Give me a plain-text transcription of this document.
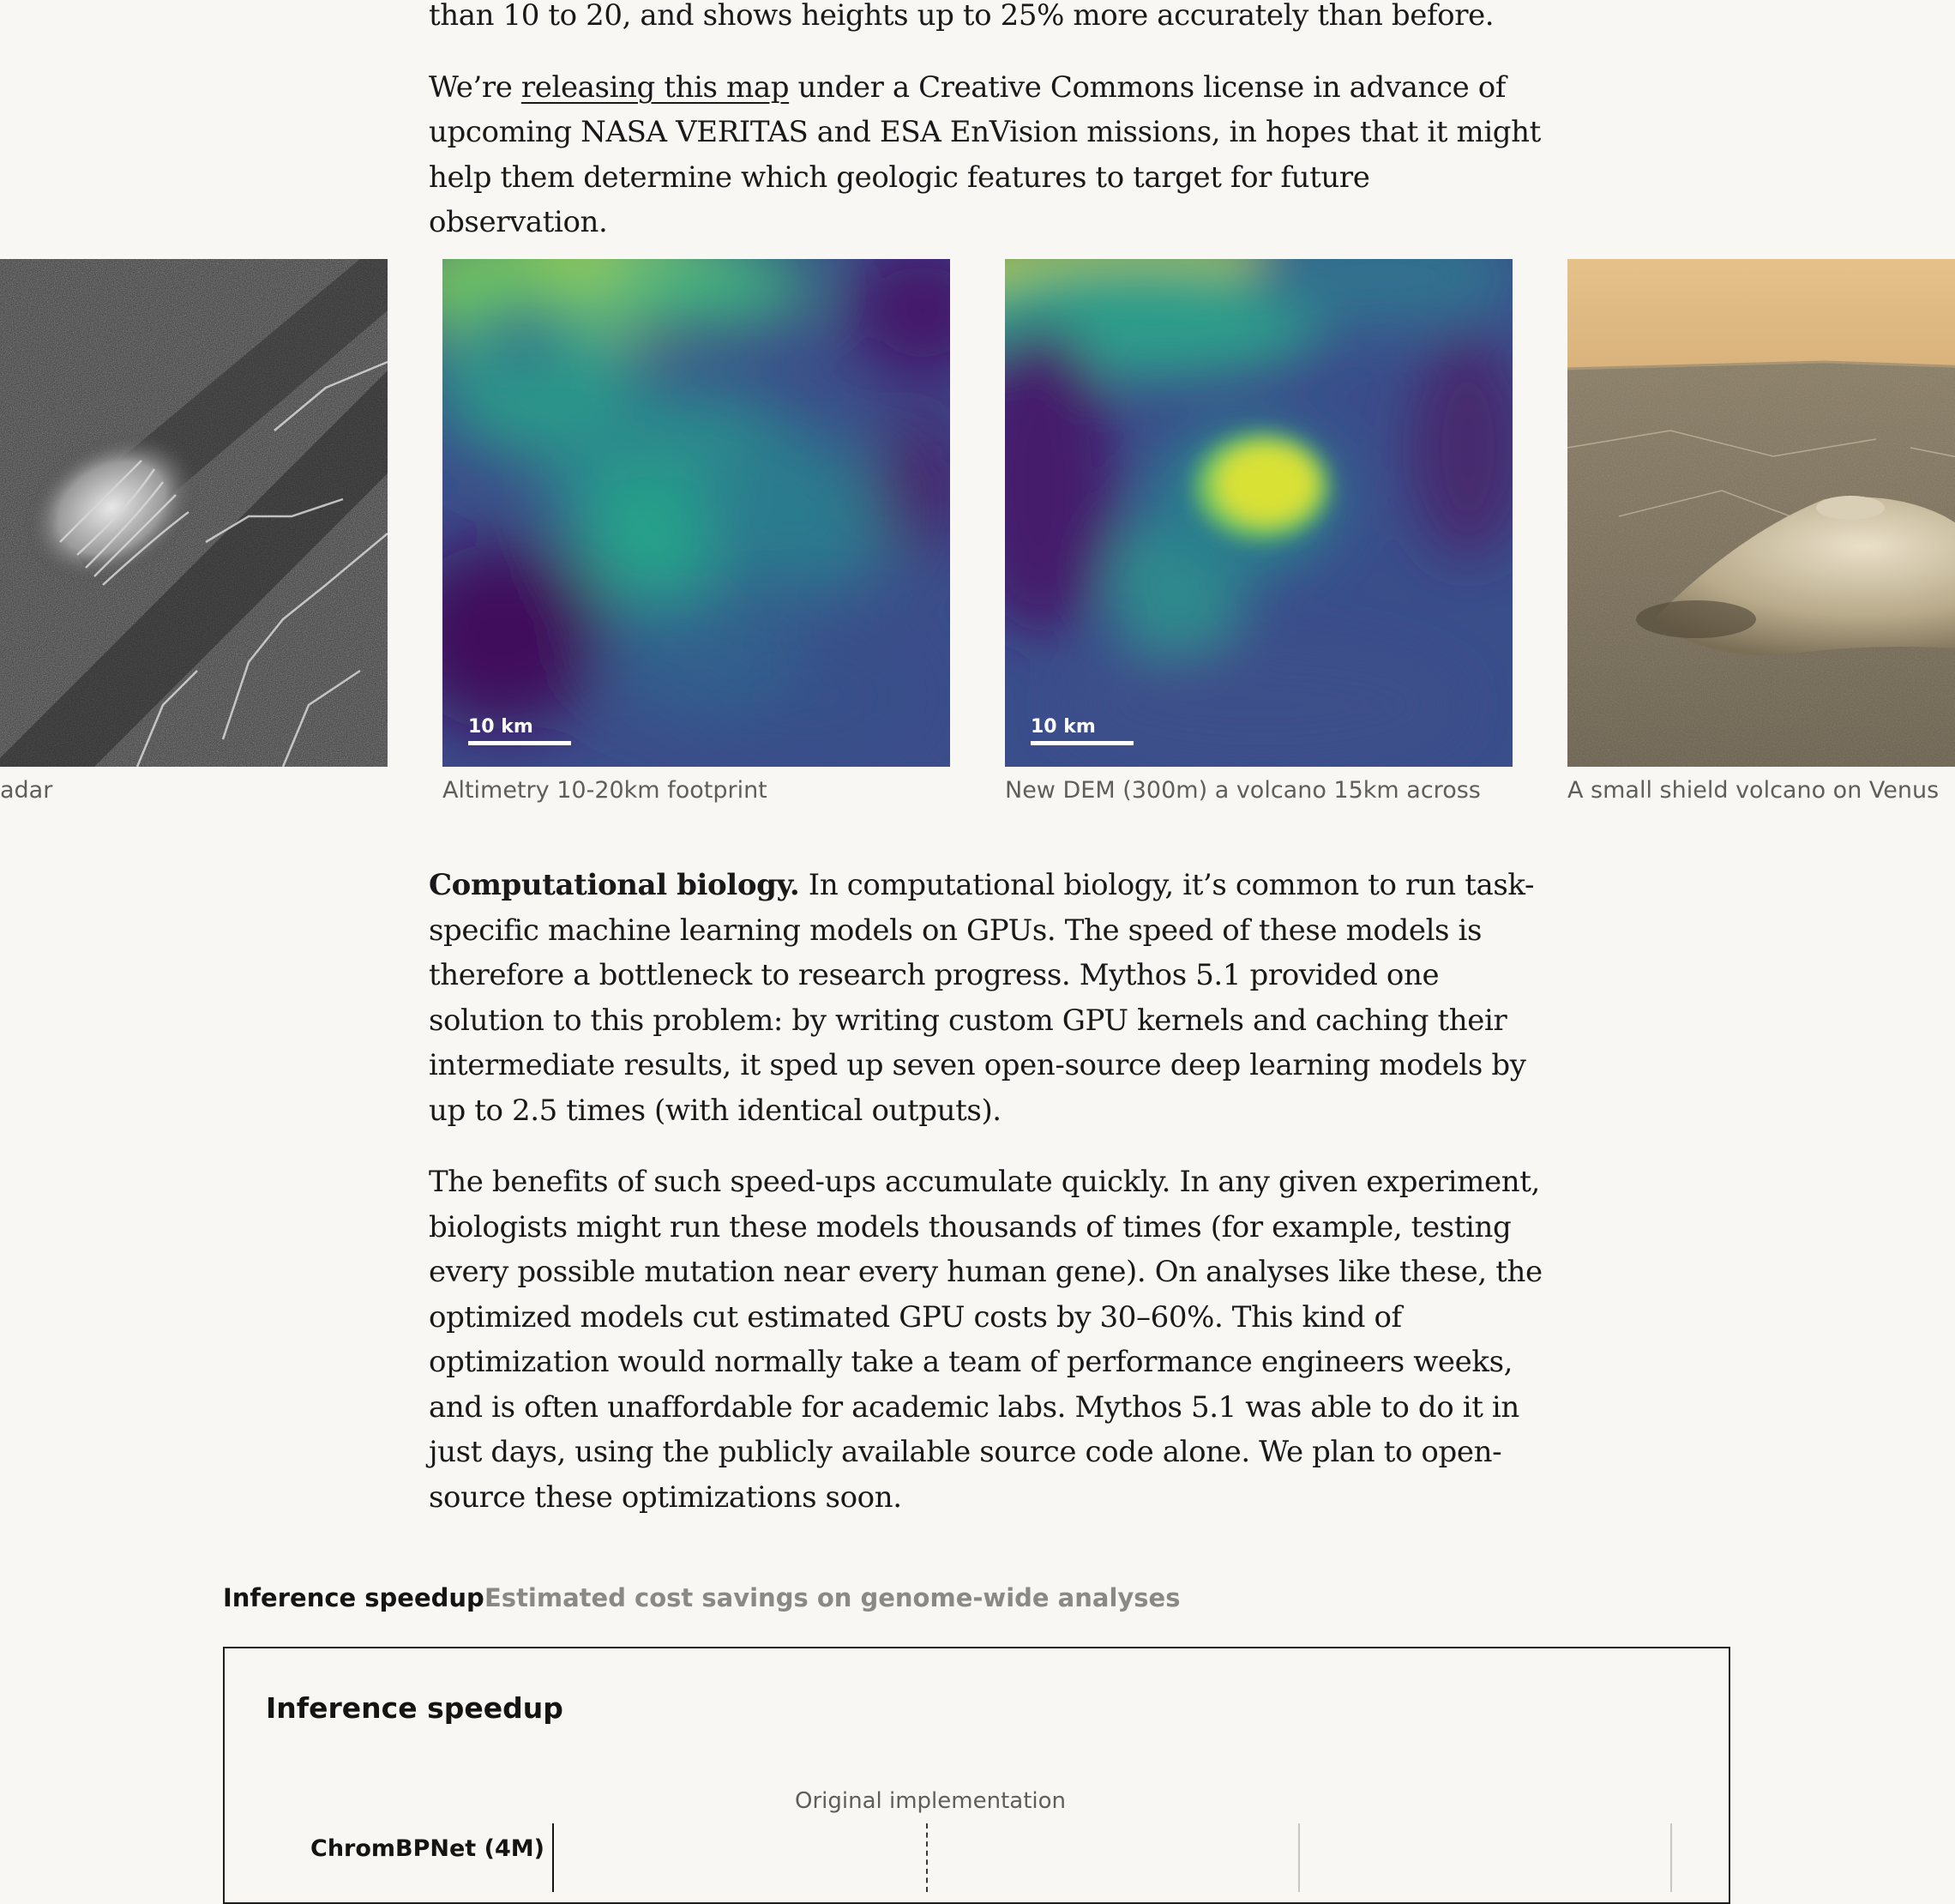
than 10 to 20, and shows heights up to 25% more accurately than before.

We’re releasing this map under a Creative Commons license in advance of upcoming NASA VERITAS and ESA EnVision missions, in hopes that it might help them determine which geologic features to target for future observation.

adar
10 km
Altimetry 10-20km footprint
10 km
New DEM (300m) a volcano 15km across	A small shield volcano on Venus

Computational biology. In computational biology, it’s common to run task-specific machine learning models on GPUs. The speed of these models is therefore a bottleneck to research progress. Mythos 5.1 provided one solution to this problem: by writing custom GPU kernels and caching their intermediate results, it sped up seven open-source deep learning models by up to 2.5 times (with identical outputs).

The benefits of such speed-ups accumulate quickly. In any given experiment, biologists might run these models thousands of times (for example, testing every possible mutation near every human gene). On analyses like these, the optimized models cut estimated GPU costs by 30–60%. This kind of optimization would normally take a team of performance engineers weeks, and is often unaffordable for academic labs. Mythos 5.1 was able to do it in just days, using the publicly available source code alone. We plan to open-source these optimizations soon.

Inference speedup Estimated cost savings on genome-wide analyses
Inference speedup
Original implementation
ChromBPNet (4M)
